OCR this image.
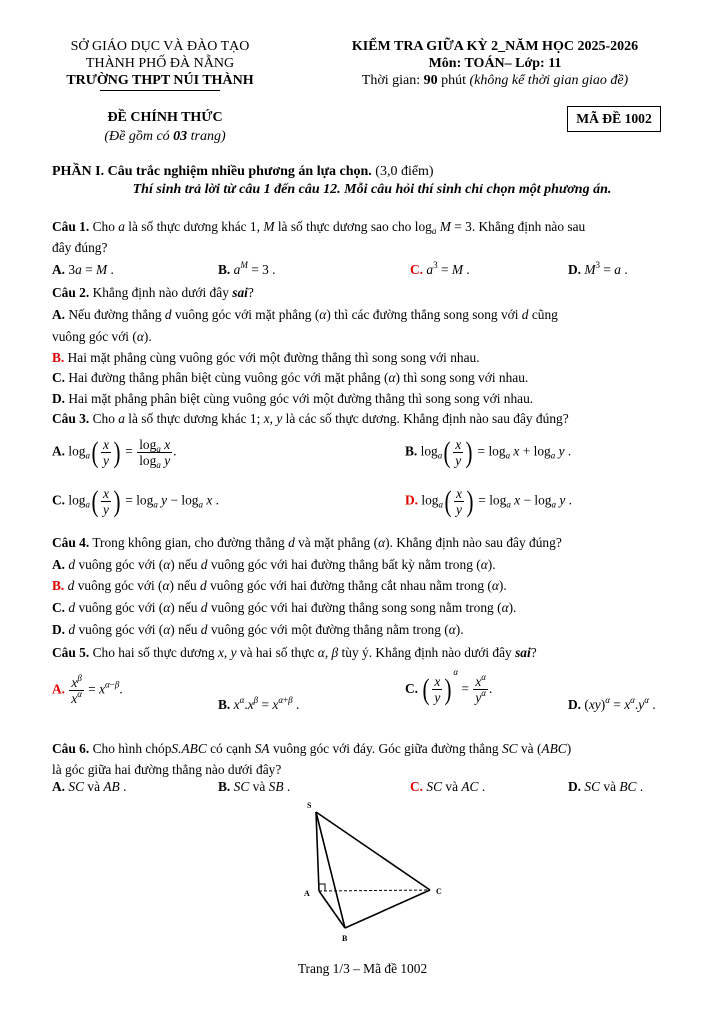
SỞ GIÁO DỤC VÀ ĐÀO TẠO
THÀNH PHỐ ĐÀ NẴNG
TRƯỜNG THPT NÚI THÀNH
KIỂM TRA GIỮA KỲ 2_NĂM HỌC 2025-2026
Môn: TOÁN– Lớp: 11
Thời gian: 90 phút (không kể thời gian giao đề)
ĐỀ CHÍNH THỨC
(Đề gồm có 03 trang)
MÃ ĐỀ 1002
PHẦN I. Câu trắc nghiệm nhiều phương án lựa chọn. (3,0 điểm)
Thí sinh trả lời từ câu 1 đến câu 12. Mỗi câu hỏi thí sinh chỉ chọn một phương án.
Câu 1. Cho a là số thực dương khác 1, M là số thực dương sao cho $\log_a M = 3$. Khẳng định nào sau
đây đúng?
A. 3a = M .	B. $a^M = 3$ .	C. $a^3 = M$ .	D. $M^3 = a$ .
Câu 2. Khẳng định nào dưới đây sai?
A. Nếu đường thẳng d vuông góc với mặt phẳng (α) thì các đường thẳng song song với d cũng
vuông góc với (α).
B. Hai mặt phẳng cùng vuông góc với một đường thẳng thì song song với nhau.
C. Hai đường thẳng phân biệt cùng vuông góc với mặt phẳng (α) thì song song với nhau.
D. Hai mặt phẳng phân biệt cùng vuông góc với một đường thẳng thì song song với nhau.
Câu 3. Cho a là số thực dương khác 1; x, y là các số thực dương. Khẳng định nào sau đây đúng?
A. $\log_a( \frac{x}{y}$ ) = $\frac{\log_a x}{\log_a y}$ .	B. $\log_a( \frac{x}{y}$ ) = $\log_a x + \log_a y$ .
C. $\log_a( \frac{x}{y}$ ) = $\log_a y - \log_a x$ .	D. $\log_a( \frac{x}{y}$ ) = $\log_a x - \log_a y$ .
Câu 4. Trong không gian, cho đường thẳng d và mặt phẳng (α). Khẳng định nào sau đây đúng?
A. d vuông góc với (α) nếu d vuông góc với hai đường thẳng bất kỳ nằm trong (α).
B. d vuông góc với (α) nếu d vuông góc với hai đường thẳng cắt nhau nằm trong (α).
C. d vuông góc với (α) nếu d vuông góc với hai đường thẳng song song nằm trong (α).
D. d vuông góc với (α) nếu d vuông góc với một đường thẳng nằm trong (α).
Câu 5. Cho hai số thực dương x, y và hai số thực α, β tùy ý. Khẳng định nào dưới đây sai?
A. $\frac{x^\beta}{x^\alpha} = x^{\alpha-\beta}$.
B. $x^\alpha.x^\beta = x^{\alpha+\beta}$ .
C. ( $\frac{x}{y} )^\alpha = \frac{x^\alpha}{y^\alpha}$ .
D. $(xy)^\alpha = x^\alpha.y^\alpha$ .
Câu 6. Cho hình chópS.ABC có cạnh SA vuông góc với đáy. Góc giữa đường thẳng SC và (ABC)
là góc giữa hai đường thẳng nào dưới đây?
A. SC và AB .	B. SC và SB .	C. SC và AC .	D. SC và BC .
S
A
B
C
Trang 1/3 – Mã đề 1002
